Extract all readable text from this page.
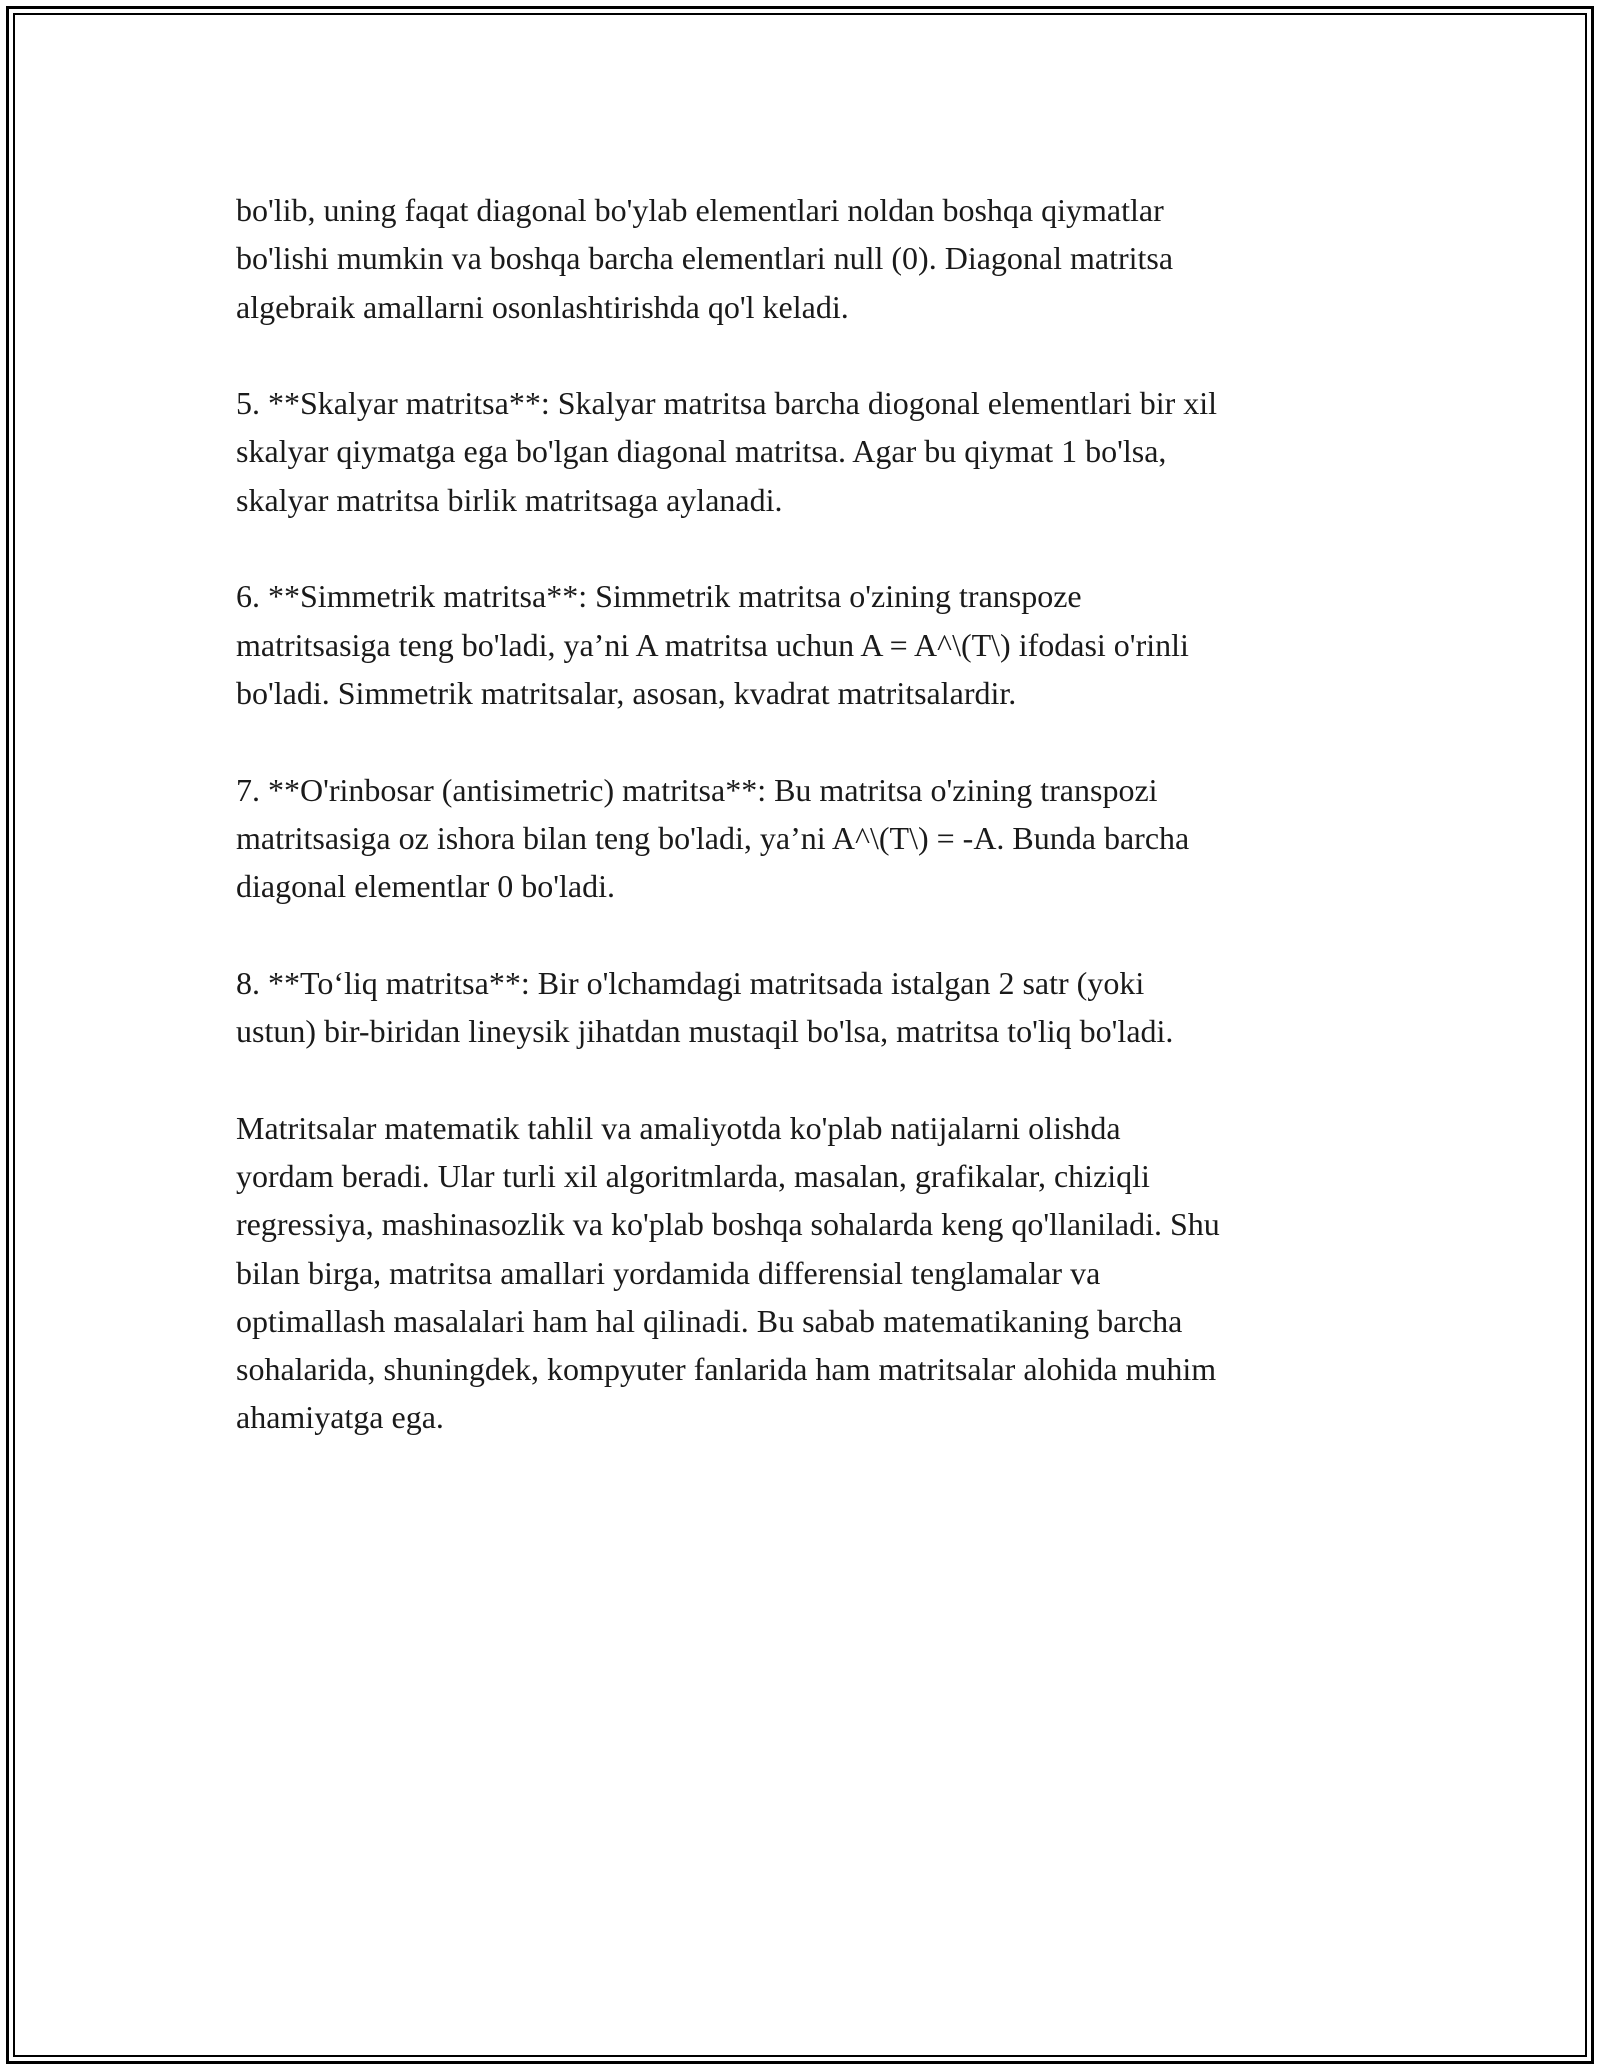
bo'lib, uning faqat diagonal bo'ylab elementlari noldan boshqa qiymatlar
bo'lishi mumkin va boshqa barcha elementlari null (0). Diagonal matritsa
algebraik amallarni osonlashtirishda qo'l keladi.

5. **Skalyar matritsa**: Skalyar matritsa barcha diogonal elementlari bir xil
skalyar qiymatga ega bo'lgan diagonal matritsa. Agar bu qiymat 1 bo'lsa,
skalyar matritsa birlik matritsaga aylanadi.

6. **Simmetrik matritsa**: Simmetrik matritsa o'zining transpoze
matritsasiga teng bo'ladi, ya’ni A matritsa uchun A = A^\(T\) ifodasi o'rinli
bo'ladi. Simmetrik matritsalar, asosan, kvadrat matritsalardir.

7. **O'rinbosar (antisimetric) matritsa**: Bu matritsa o'zining transpozi
matritsasiga oz ishora bilan teng bo'ladi, ya’ni A^\(T\) = -A. Bunda barcha
diagonal elementlar 0 bo'ladi.

8. **To‘liq matritsa**: Bir o'lchamdagi matritsada istalgan 2 satr (yoki
ustun) bir-biridan lineysik jihatdan mustaqil bo'lsa, matritsa to'liq bo'ladi.

Matritsalar matematik tahlil va amaliyotda ko'plab natijalarni olishda
yordam beradi. Ular turli xil algoritmlarda, masalan, grafikalar, chiziqli
regressiya, mashinasozlik va ko'plab boshqa sohalarda keng qo'llaniladi. Shu
bilan birga, matritsa amallari yordamida differensial tenglamalar va
optimallash masalalari ham hal qilinadi. Bu sabab matematikaning barcha
sohalarida, shuningdek, kompyuter fanlarida ham matritsalar alohida muhim
ahamiyatga ega.
